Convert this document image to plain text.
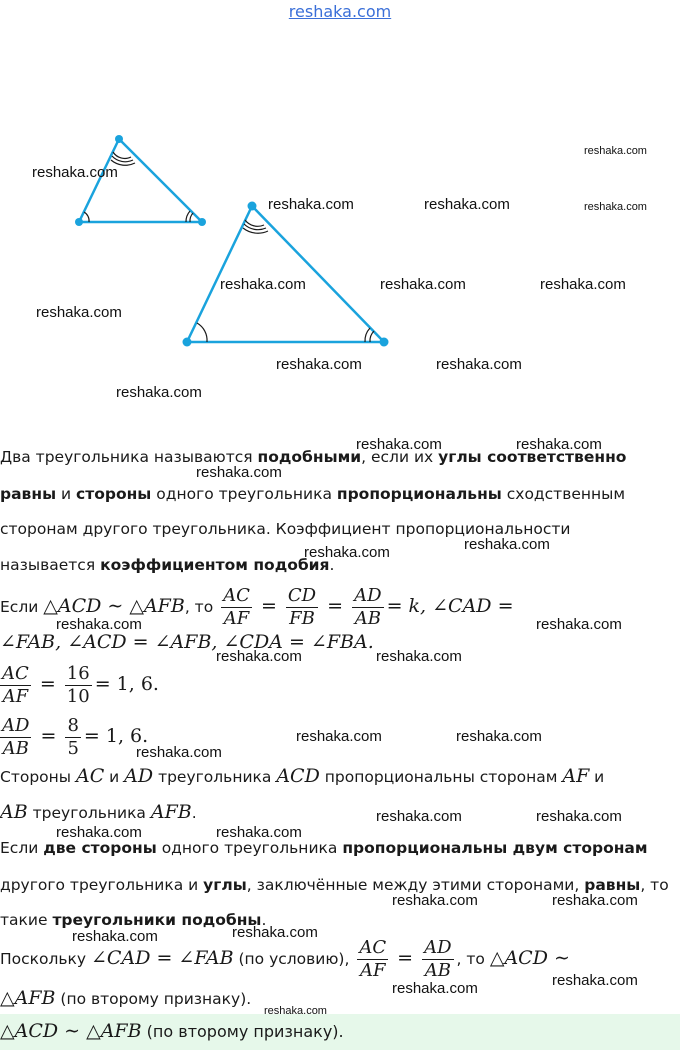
reshaka.com
reshaka.com
reshaka.com
reshaka.com	reshaka.com	reshaka.com
reshaka.com	reshaka.com	reshaka.com
reshaka.com
reshaka.com	reshaka.com
reshaka.com
Два треугольника называются подобными, если их углы соответственно
равны и стороны одного треугольника пропорциональны сходственным
сторонам другого треугольника. Коэффициент пропорциональности
называется коэффициентом подобия.
Если △ACD ∼ △AFB, то $\frac{AC}{AF} = \frac{CD}{FB} = \frac{AD}{AB} = k$, ∠CAD =
∠FAB, ∠ACD = ∠AFB, ∠CDA = ∠FBA.
$\frac{AC}{AF} = \frac{16}{10} = 1$, 6.
$\frac{AD}{AB} = \frac{8}{5} = 1$, 6.
Стороны AC и AD треугольника ACD пропорциональны сторонам AF и
AB треугольника AFB.
Если две стороны одного треугольника пропорциональны двум сторонам
другого треугольника и углы, заключённые между этими сторонами, равны, то
такие треугольники подобны.
Поскольку ∠CAD = ∠FAB (по условию), $\frac{AC}{AF} = \frac{AD}{AB}$ , то △ACD ∼
△AFB (по второму признаку).
△ACD ∼ △AFB (по второму признаку).
reshaka.com	reshaka.com
reshaka.com
reshaka.com	reshaka.com
reshaka.com	reshaka.com
reshaka.com	reshaka.com
reshaka.com	reshaka.com
reshaka.com
reshaka.com	reshaka.com
reshaka.com	reshaka.com
reshaka.com	reshaka.com
reshaka.com	reshaka.com
reshaka.com
reshaka.com
reshaka.com
